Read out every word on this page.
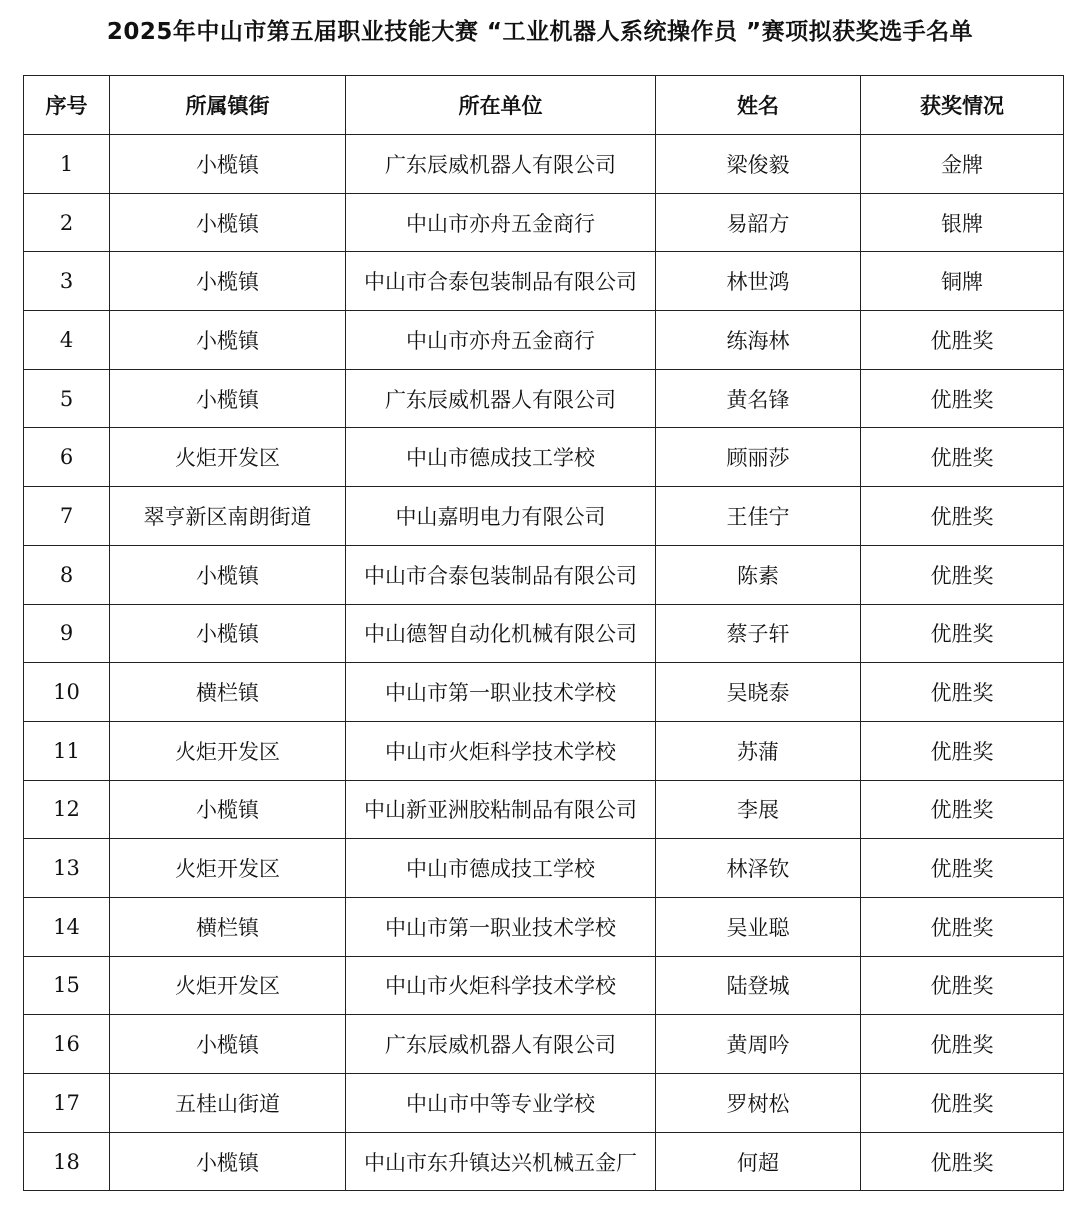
2025年中山市第五届职业技能大赛 “工业机器人系统操作员 ”赛项拟获奖选手名单
序号	所属镇街	所在单位	姓名	获奖情况
1	小榄镇	广东辰威机器人有限公司	梁俊毅	金牌
2	小榄镇	中山市亦舟五金商行	易韶方	银牌
3	小榄镇	中山市合泰包装制品有限公司	林世鸿	铜牌
4	小榄镇	中山市亦舟五金商行	练海林	优胜奖
5	小榄镇	广东辰威机器人有限公司	黄名锋	优胜奖
6	火炬开发区	中山市德成技工学校	顾丽莎	优胜奖
7	翠亨新区南朗街道	中山嘉明电力有限公司	王佳宁	优胜奖
8	小榄镇	中山市合泰包装制品有限公司	陈素	优胜奖
9	小榄镇	中山德智自动化机械有限公司	蔡子轩	优胜奖
10	横栏镇	中山市第一职业技术学校	吴晓泰	优胜奖
11	火炬开发区	中山市火炬科学技术学校	苏蒲	优胜奖
12	小榄镇	中山新亚洲胶粘制品有限公司	李展	优胜奖
13	火炬开发区	中山市德成技工学校	林泽钦	优胜奖
14	横栏镇	中山市第一职业技术学校	吴业聪	优胜奖
15	火炬开发区	中山市火炬科学技术学校	陆登城	优胜奖
16	小榄镇	广东辰威机器人有限公司	黄周吟	优胜奖
17	五桂山街道	中山市中等专业学校	罗树松	优胜奖
18	小榄镇	中山市东升镇达兴机械五金厂	何超	优胜奖
